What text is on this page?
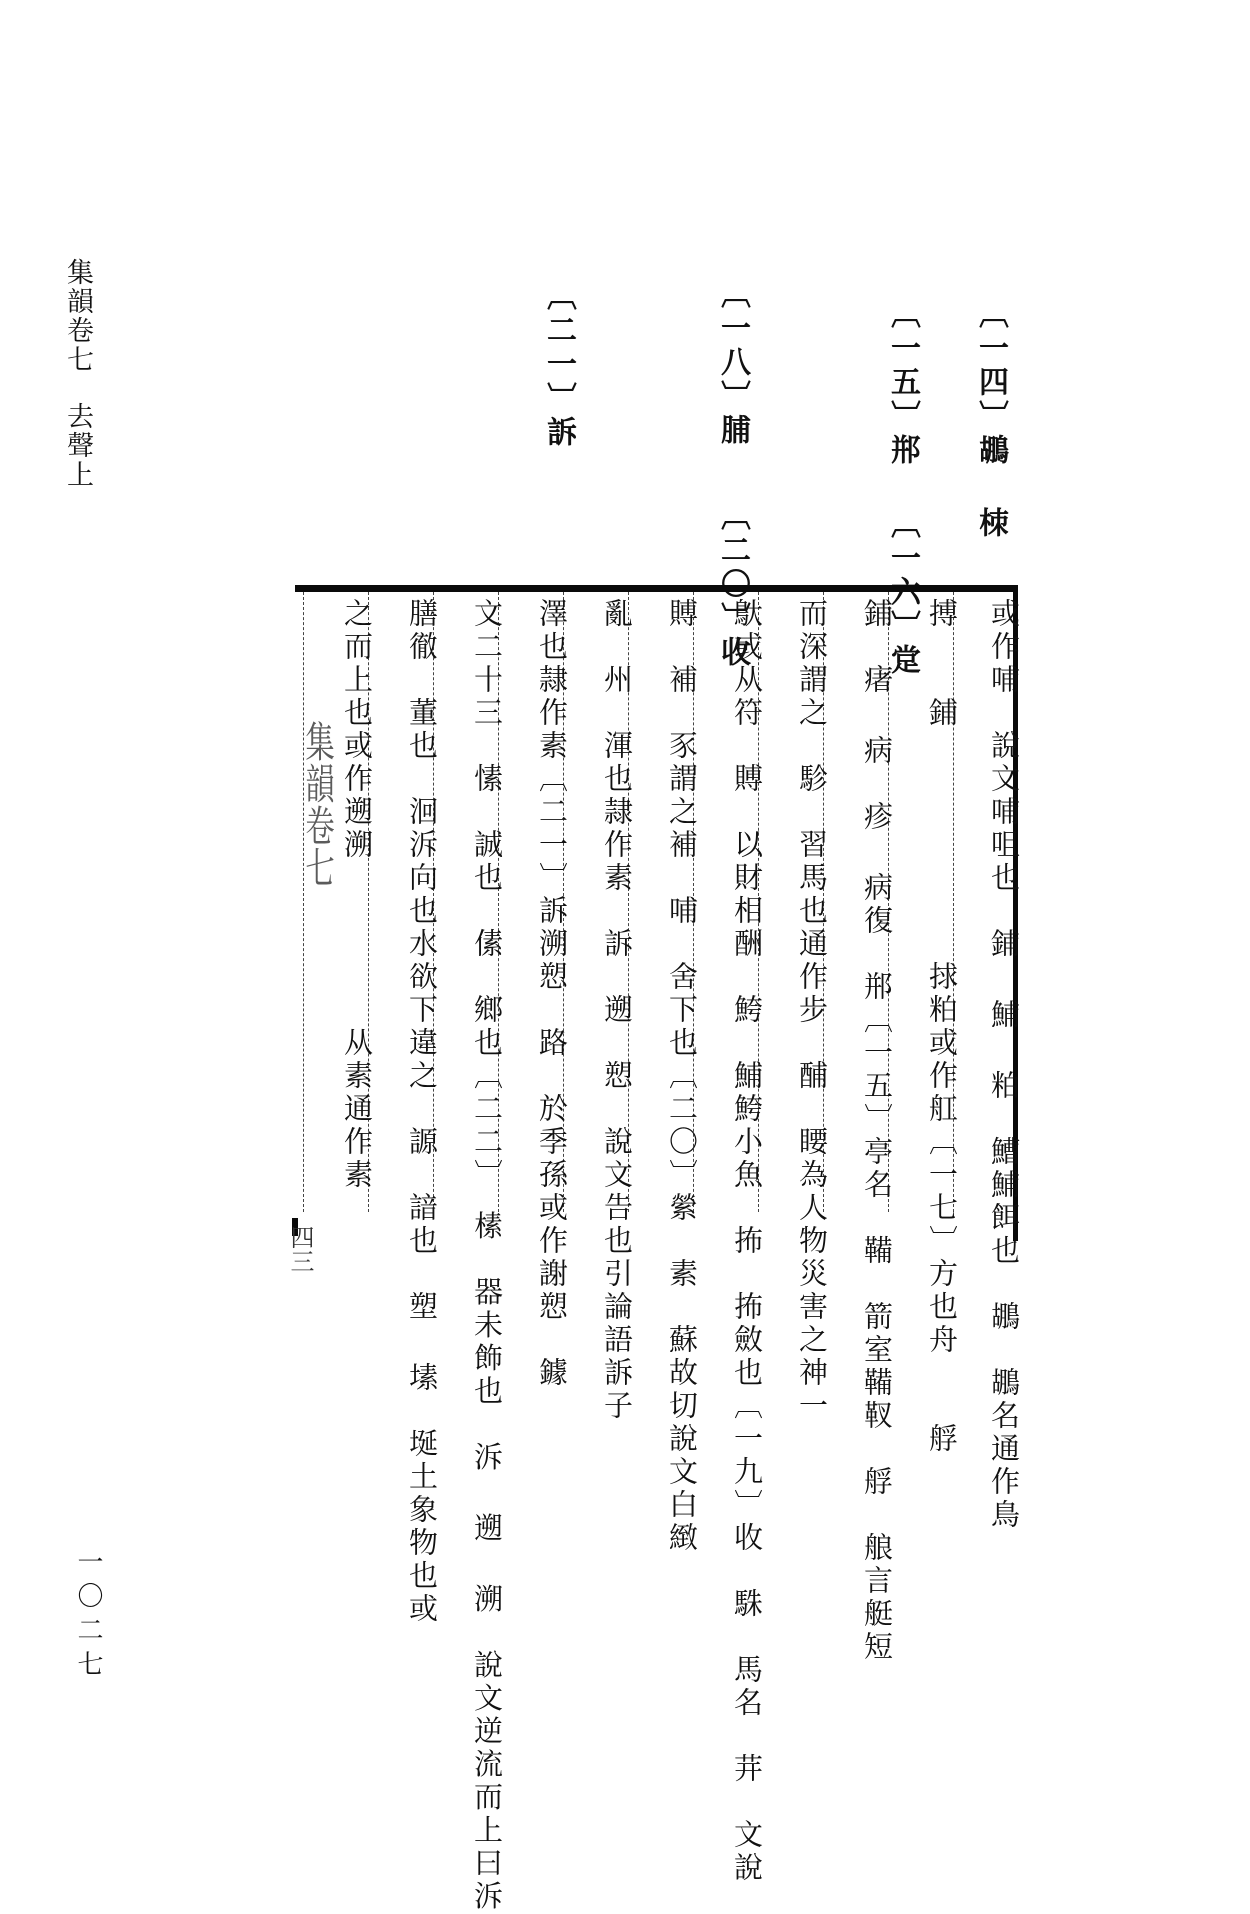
集韻卷七去聲上
一〇二七
〔一四〕鶘 栜
〔一五〕郱〔一六〕䟫
〔一八〕脯〔二〇〕收
〔二一〕訴
集韻卷七
四三	或作哺　說文哺咀也　鋪 鯆 粕　鰽鯆餌也　鶘　鶘名通作鳥
搏　　鋪　　　　　　　捄粕或作舡〔一七〕方也舟　　艀
鋪　瘏 病　疹 病復　郱〔一五〕亭名　鞴　箭室鞴靫　艀　艆言艇短
而深謂之　駗　習馬也通作步　酺　䁏為人物災害之神一
䲦或从符　賻　以財相酬　鮬　鯆鮬小魚　抪　抪斂也〔一九〕收　駯　馬名　茾　文說
賻　補　豕謂之補　哺　舍下也〔二〇〕縈　素　蘇故切說文白緻
亂　州　渾也隷作素　訴　遡　愬　說文告也引論語訴子
澤也隷作素〔二一〕訴溯愬　路　於季孫或作謝愬　鐻
文二十三　愫　誠也　傃　鄉也〔二二〕　榡　器未飾也　泝 遡 溯　說文逆流而上曰泝
膳徹　董也　洄泝向也水欲下違之　謜　諳也　塑 塐　埏土象物也或
之而上也或作遡溯　　　　　从素通作素
